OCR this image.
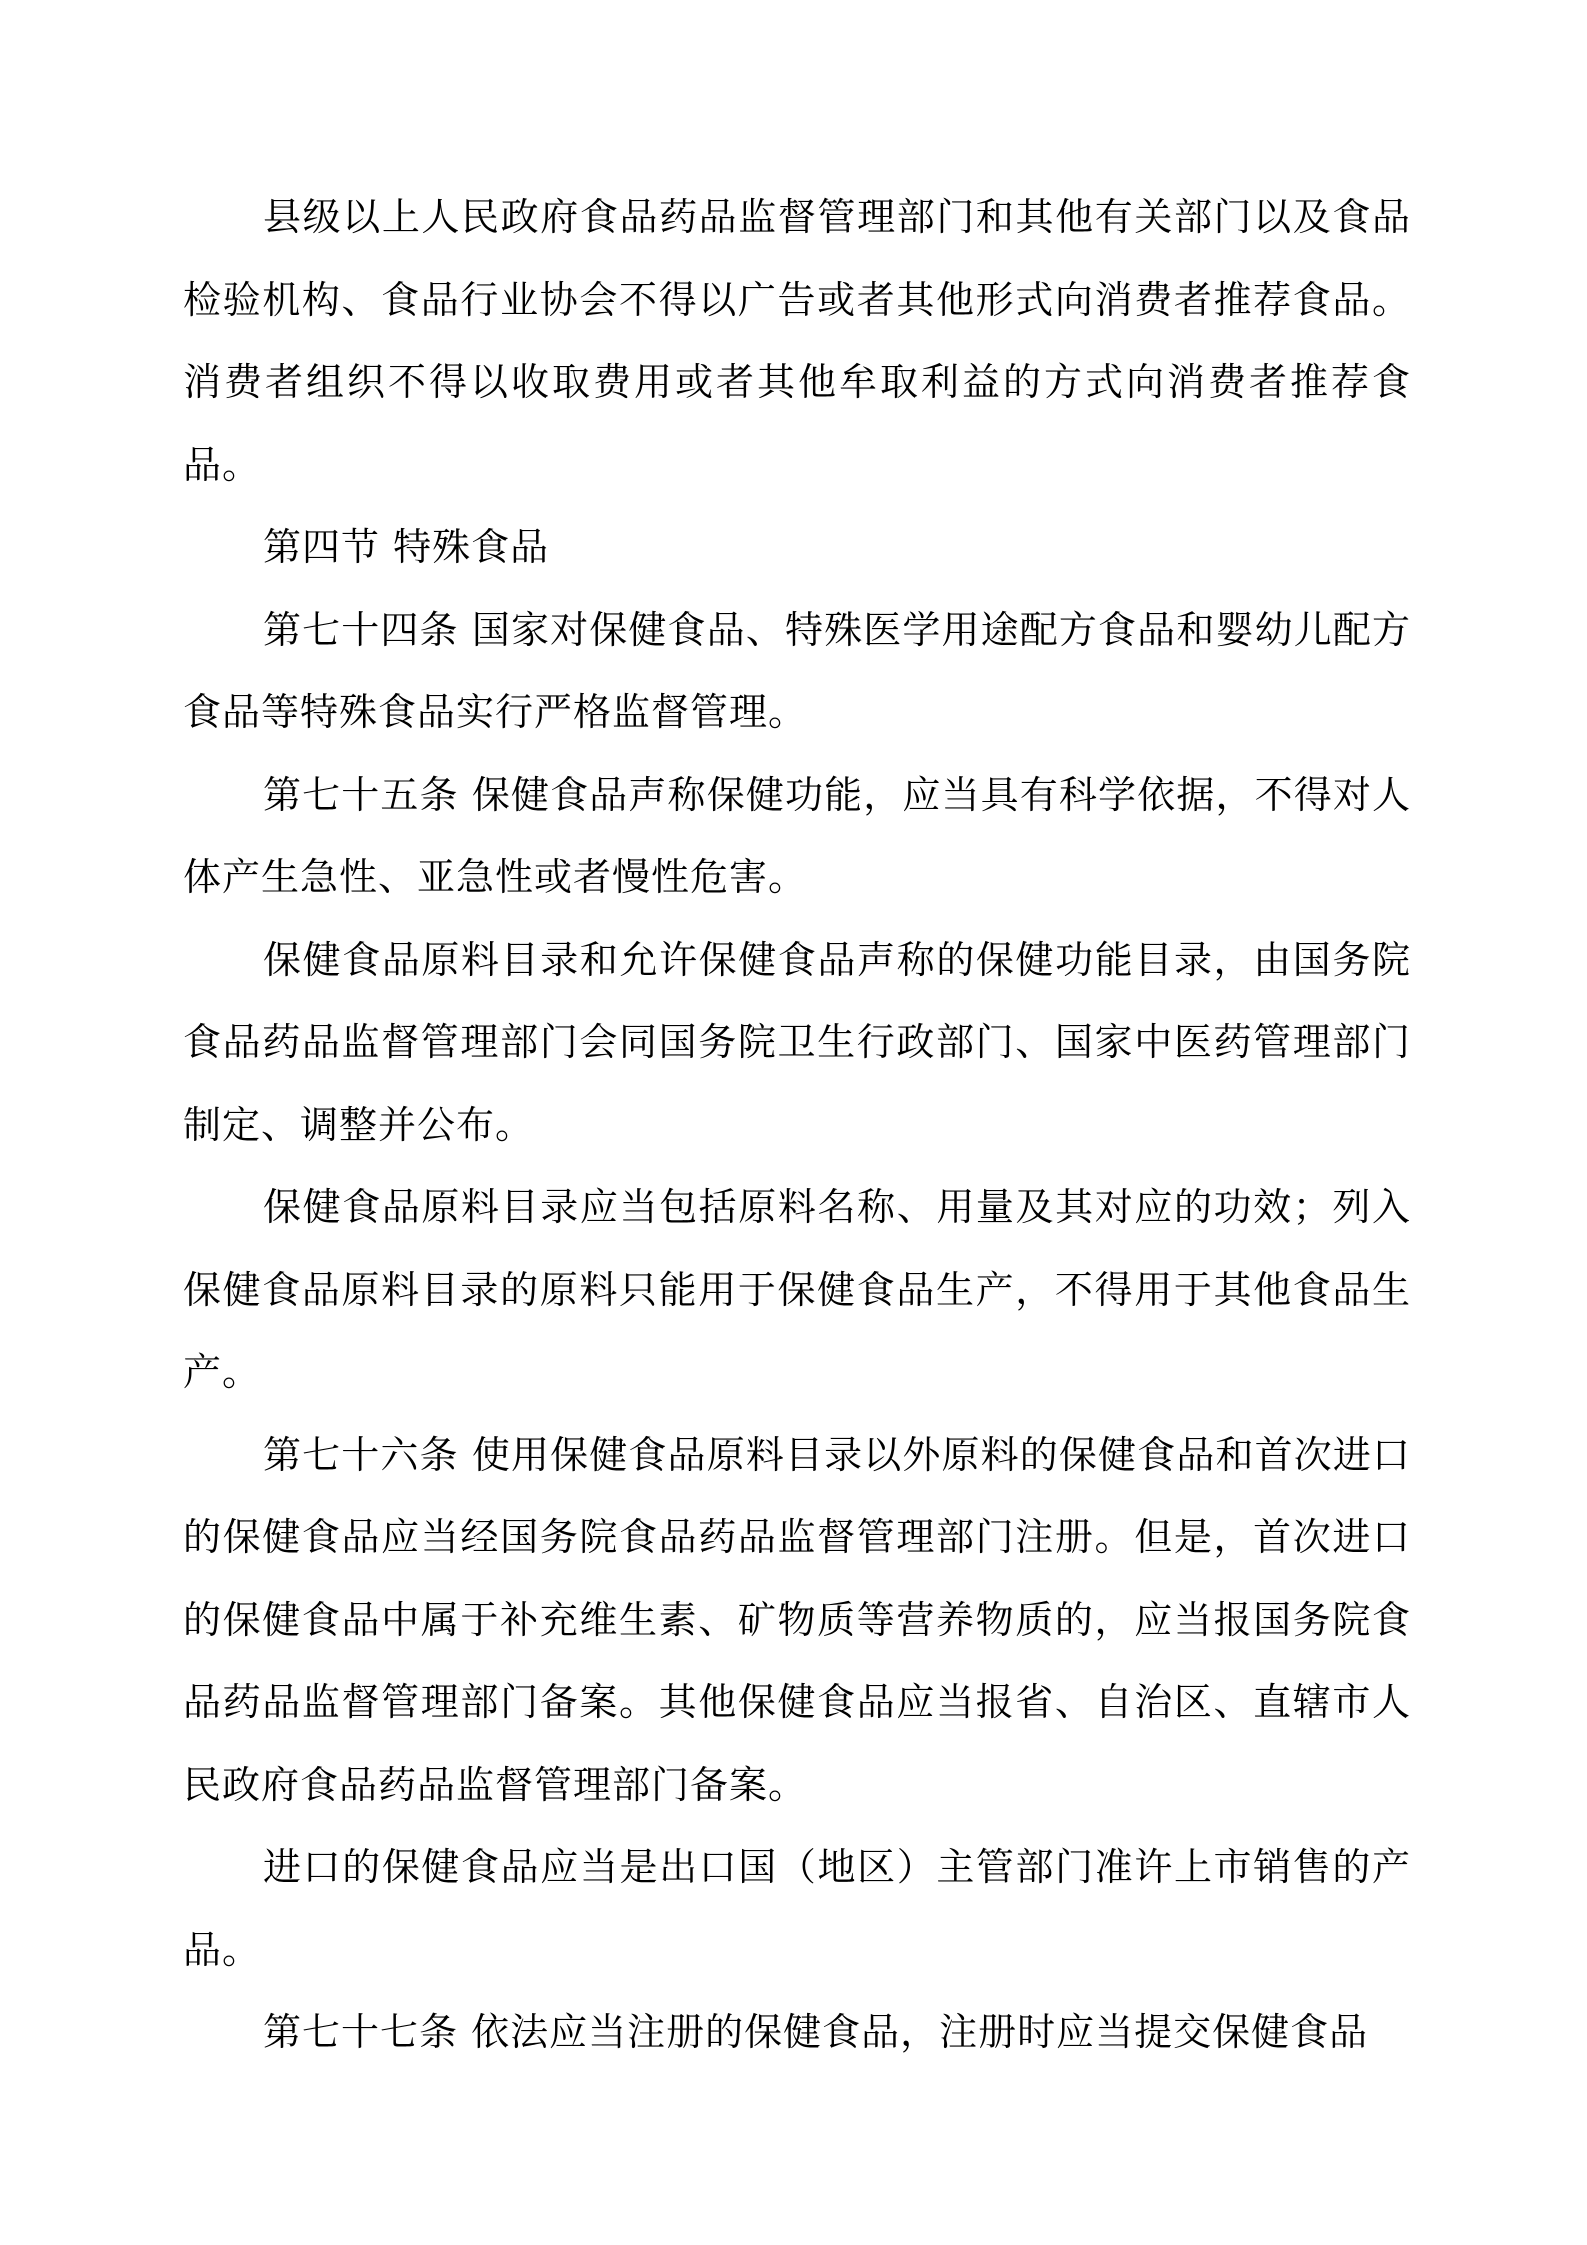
县级以上人民政府食品药品监督管理部门和其他有关部门以及食品检验机构、食品行业协会不得以广告或者其他形式向消费者推荐食品。消费者组织不得以收取费用或者其他牟取利益的方式向消费者推荐食品。

第四节 特殊食品

第七十四条 国家对保健食品、特殊医学用途配方食品和婴幼儿配方食品等特殊食品实行严格监督管理。

第七十五条 保健食品声称保健功能，应当具有科学依据，不得对人体产生急性、亚急性或者慢性危害。

保健食品原料目录和允许保健食品声称的保健功能目录，由国务院食品药品监督管理部门会同国务院卫生行政部门、国家中医药管理部门制定、调整并公布。

保健食品原料目录应当包括原料名称、用量及其对应的功效；列入保健食品原料目录的原料只能用于保健食品生产，不得用于其他食品生产。

第七十六条 使用保健食品原料目录以外原料的保健食品和首次进口的保健食品应当经国务院食品药品监督管理部门注册。但是，首次进口的保健食品中属于补充维生素、矿物质等营养物质的，应当报国务院食品药品监督管理部门备案。其他保健食品应当报省、自治区、直辖市人民政府食品药品监督管理部门备案。

进口的保健食品应当是出口国（地区）主管部门准许上市销售的产品。

第七十七条 依法应当注册的保健食品，注册时应当提交保健食品
